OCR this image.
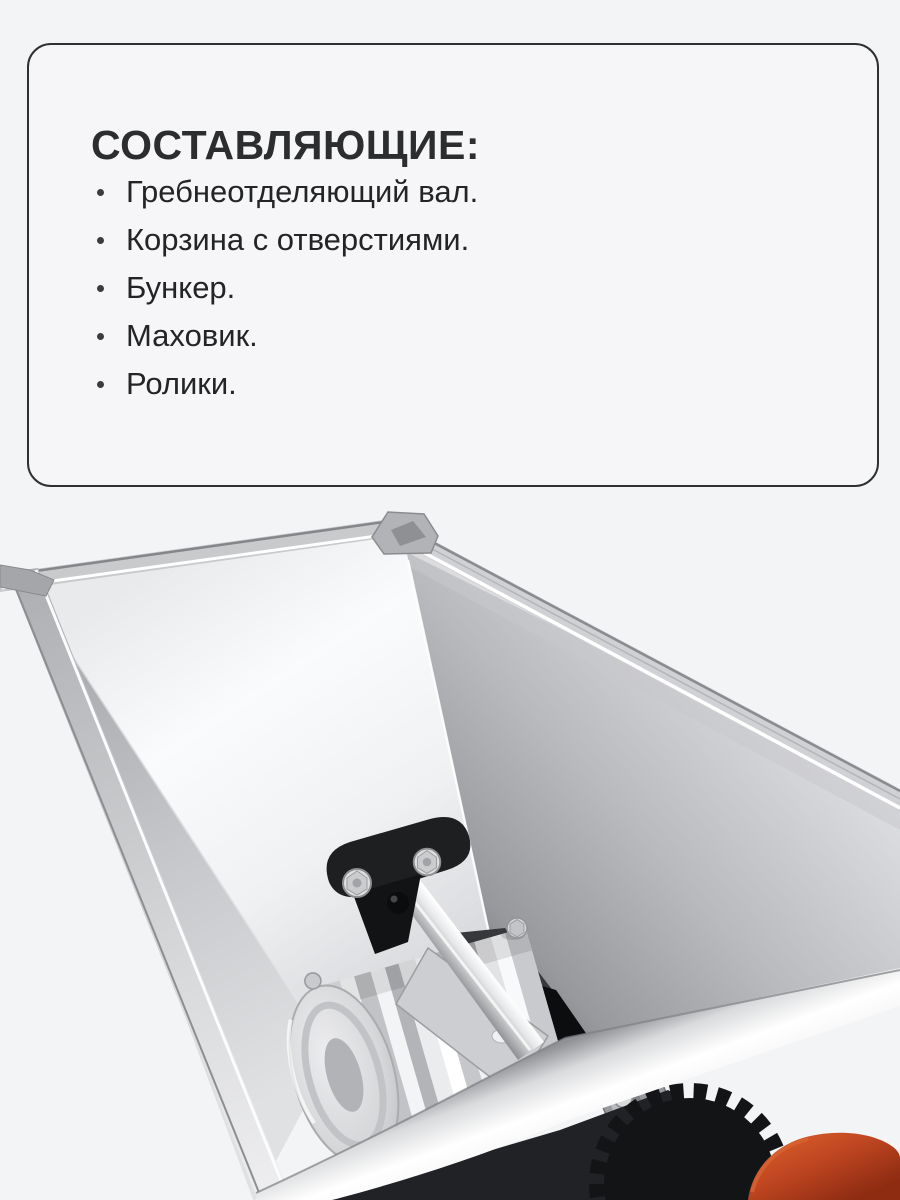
СОСТАВЛЯЮЩИЕ:
Гребнеотделяющий вал.
Корзина с отверстиями.
Бункер.
Маховик.
Ролики.
